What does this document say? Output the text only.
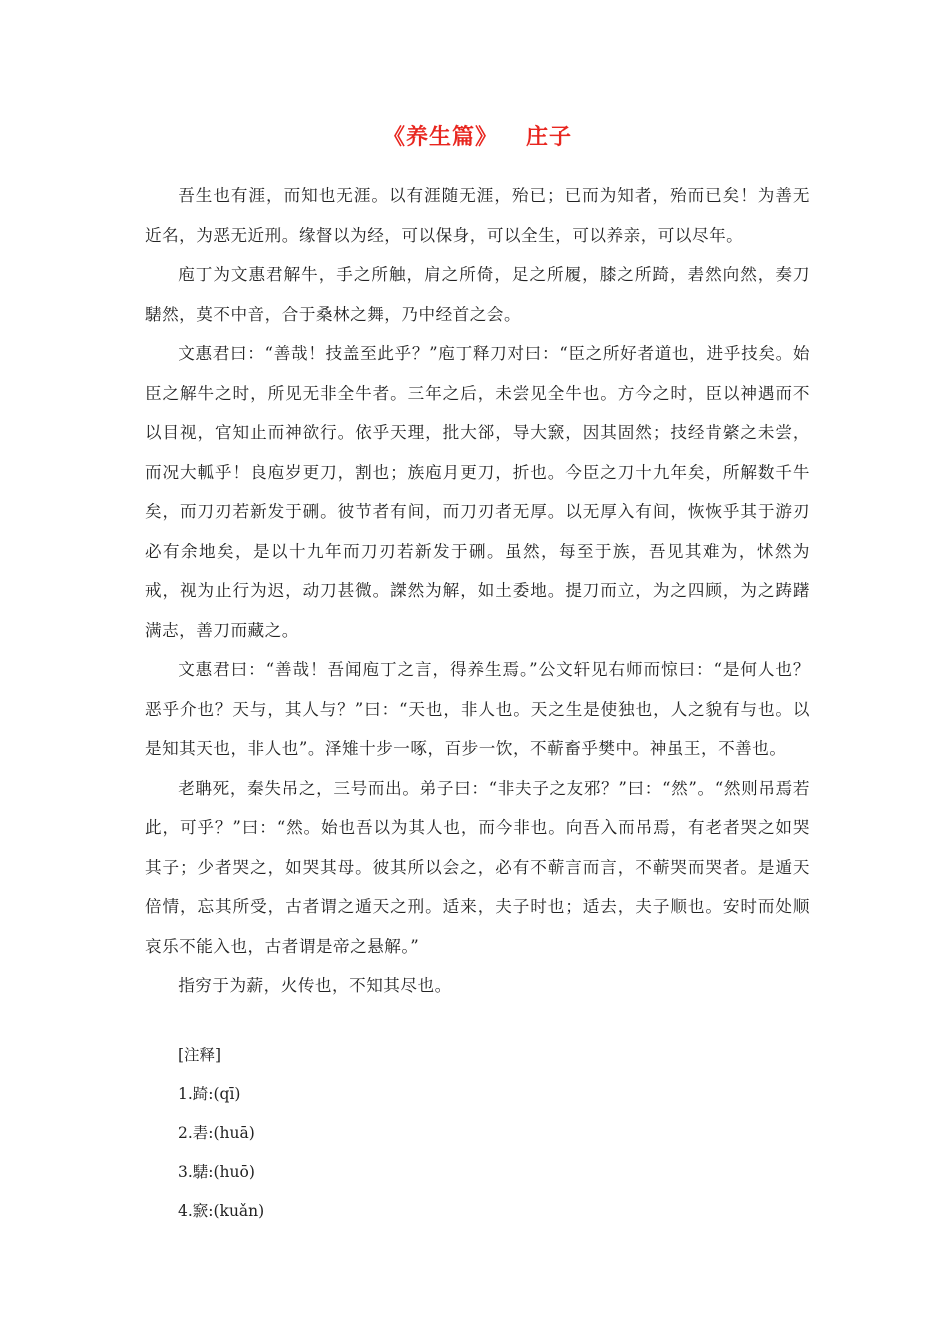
《养生篇》 庄子

吾生也有涯，而知也无涯。以有涯随无涯，殆已；已而为知者，殆而已矣！为善无近名，为恶无近刑。缘督以为经，可以保身，可以全生，可以养亲，可以尽年。

庖丁为文惠君解牛，手之所触，肩之所倚，足之所履，膝之所踦，砉然向然，奏刀騞然，莫不中音，合于桑林之舞，乃中经首之会。

文惠君曰：“善哉！技盖至此乎？”庖丁释刀对曰：“臣之所好者道也，进乎技矣。始臣之解牛之时，所见无非全牛者。三年之后，未尝见全牛也。方今之时，臣以神遇而不以目视，官知止而神欲行。依乎天理，批大郤，导大窾，因其固然；技经肯綮之未尝，而况大軱乎！良庖岁更刀，割也；族庖月更刀，折也。今臣之刀十九年矣，所解数千牛矣，而刀刃若新发于硎。彼节者有间，而刀刃者无厚。以无厚入有间，恢恢乎其于游刃必有余地矣，是以十九年而刀刃若新发于硎。虽然，每至于族，吾见其难为，怵然为戒，视为止行为迟，动刀甚微。謋然为解，如土委地。提刀而立，为之四顾，为之踌躇满志，善刀而藏之。

文惠君曰：“善哉！吾闻庖丁之言，得养生焉。”公文轩见右师而惊曰：“是何人也？恶乎介也？天与，其人与？”曰：“天也，非人也。天之生是使独也，人之貌有与也。以是知其天也，非人也”。泽雉十步一啄，百步一饮，不蕲畜乎樊中。神虽王，不善也。

老聃死，秦失吊之，三号而出。弟子曰：“非夫子之友邪？”曰：“然”。“然则吊焉若此，可乎？”曰：“然。始也吾以为其人也，而今非也。向吾入而吊焉，有老者哭之如哭其子；少者哭之，如哭其母。彼其所以会之，必有不蕲言而言，不蕲哭而哭者。是遁天倍情，忘其所受，古者谓之遁天之刑。适来，夫子时也；适去，夫子顺也。安时而处顺哀乐不能入也，古者谓是帝之悬解。”

指穷于为薪，火传也，不知其尽也。

[注释]

1.踦:(qī)

2.砉:(huā)

3.騞:(huō)

4.窾:(kuǎn)
